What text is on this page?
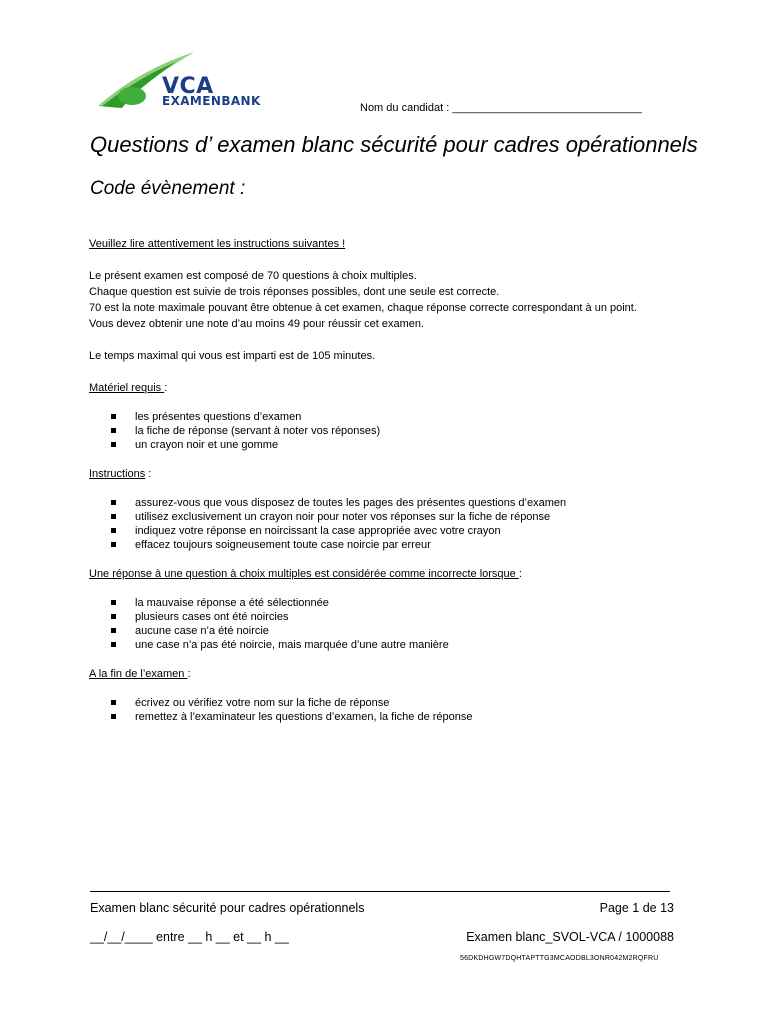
VCA
EXAMENBANK	Nom du candidat : _______________________________
Questions d’ examen blanc sécurité pour cadres opérationnels
Code évènement :

Veuillez lire attentivement les instructions suivantes !

Le présent examen est composé de 70 questions à choix multiples.

Chaque question est suivie de trois réponses possibles, dont une seule est correcte.

70 est la note maximale pouvant être obtenue à cet examen, chaque réponse correcte correspondant à un point.

Vous devez obtenir une note d’au moins 49 pour réussir cet examen.

Le temps maximal qui vous est imparti est de 105 minutes.

Matériel requis :

les présentes questions d’examen
la fiche de réponse (servant à noter vos réponses)
un crayon noir et une gomme

Instructions :

assurez-vous que vous disposez de toutes les pages des présentes questions d’examen
utilisez exclusivement un crayon noir pour noter vos réponses sur la fiche de réponse
indiquez votre réponse en noircissant la case appropriée avec votre crayon
effacez toujours soigneusement toute case noircie par erreur

Une réponse à une question à choix multiples est considérée comme incorrecte lorsque :

la mauvaise réponse a été sélectionnée
plusieurs cases ont été noircies
aucune case n’a été noircie
une case n’a pas été noircie, mais marquée d’une autre manière

A la fin de l’examen :

écrivez ou vérifiez votre nom sur la fiche de réponse
remettez à l’examinateur les questions d’examen, la fiche de réponse
Examen blanc sécurité pour cadres opérationnels	Page 1 de 13
__/__/____ entre __ h __ et __ h __	Examen blanc_SVOL-VCA / 1000088
56DKDHGW7DQHTAPTTG3MCAODBL3ONR042M2RQFRU
